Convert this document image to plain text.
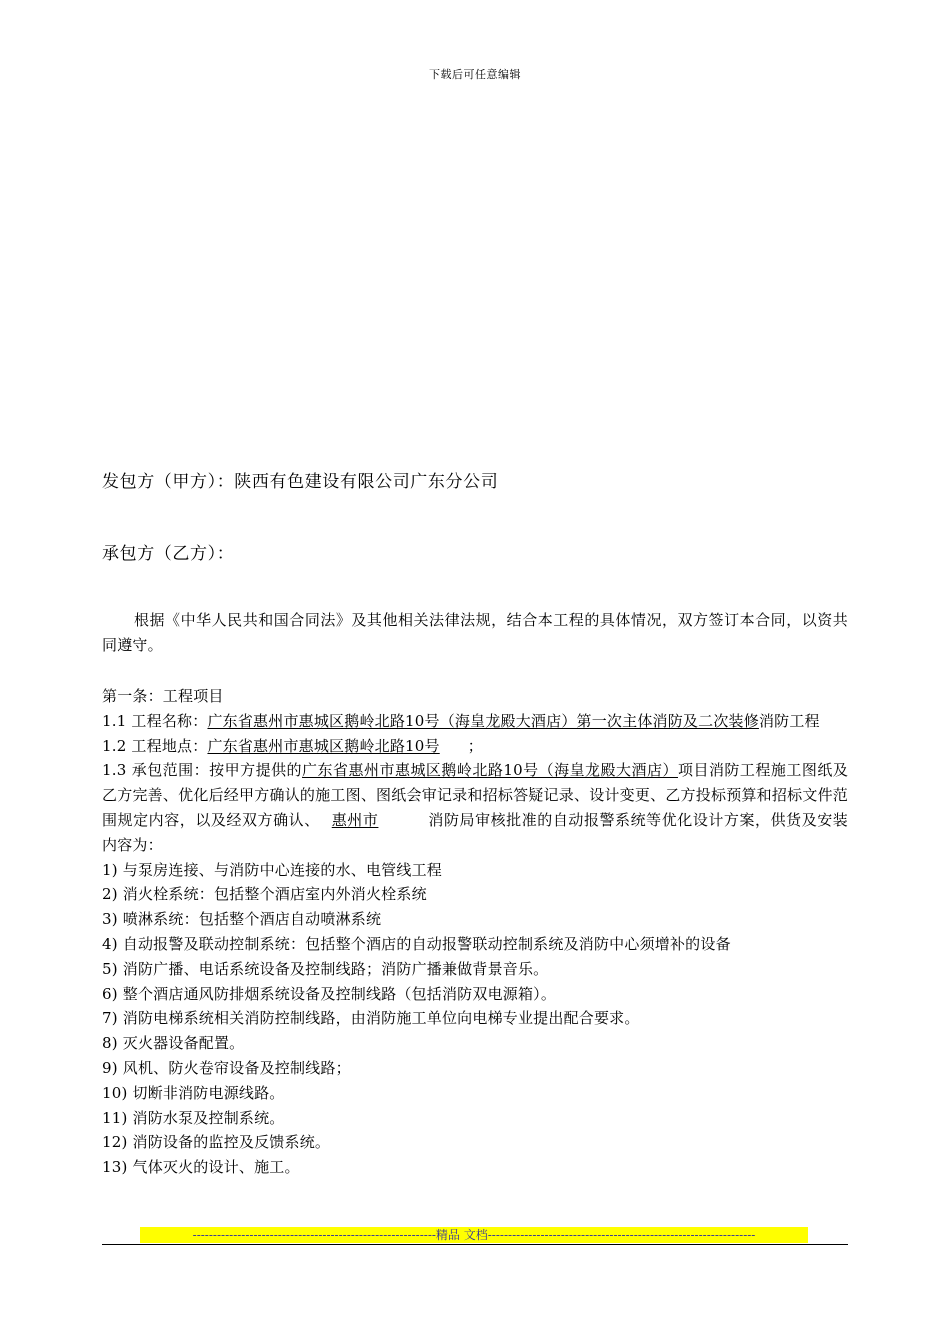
下载后可任意编辑
发包方（甲方）：陕西有色建设有限公司广东分公司
承包方（乙方）：
根据《中华人民共和国合同法》及其他相关法律法规，结合本工程的具体情况，双方签订本合同，以资共同遵守。
第一条：工程项目
1.1 工程名称：广东省惠州市惠城区鹅岭北路10号（海皇龙殿大酒店）第一次主体消防及二次装修消防工程
1.2 工程地点：广东省惠州市惠城区鹅岭北路10号 ；
1.3 承包范围：按甲方提供的广东省惠州市惠城区鹅岭北路10号（海皇龙殿大酒店）项目消防工程施工图纸及乙方完善、优化后经甲方确认的施工图、图纸会审记录和招标答疑记录、设计变更、乙方投标预算和招标文件范围规定内容，以及经双方确认、 惠州市	消防局审核批准的自动报警系统等优化设计方案，供货及安装内容为：
1) 与泵房连接、与消防中心连接的水、电管线工程
2) 消火栓系统：包括整个酒店室内外消火栓系统
3) 喷淋系统：包括整个酒店自动喷淋系统
4) 自动报警及联动控制系统：包括整个酒店的自动报警联动控制系统及消防中心须增补的设备
5) 消防广播、电话系统设备及控制线路；消防广播兼做背景音乐。
6) 整个酒店通风防排烟系统设备及控制线路（包括消防双电源箱）。
7) 消防电梯系统相关消防控制线路，由消防施工单位向电梯专业提出配合要求。
8) 灭火器设备配置。
9) 风机、防火卷帘设备及控制线路；
10) 切断非消防电源线路。
11) 消防水泵及控制系统。
12) 消防设备的监控及反馈系统。
13) 气体灭火的设计、施工。
------------------------------------------------------------精品 文档------------------------------------------------------------------
